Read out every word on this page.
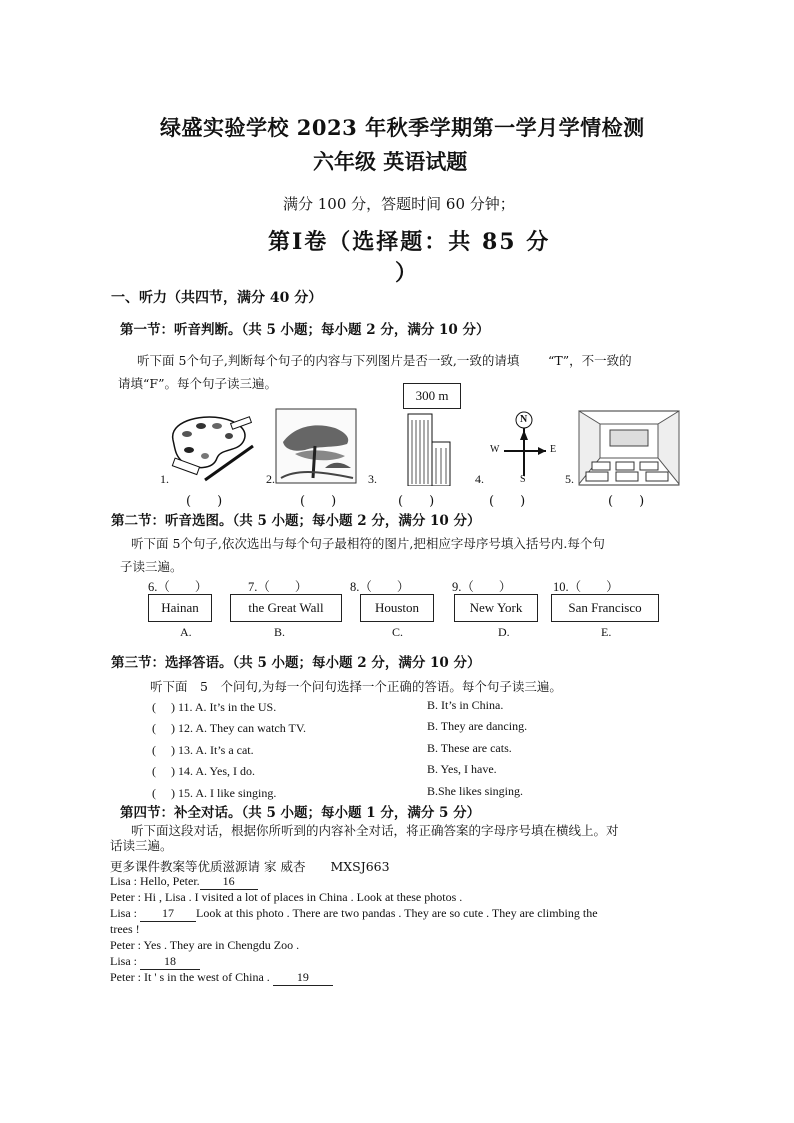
绿盛实验学校 2023 年秋季学期第一学月学情检测
六年级 英语试题
满分 100 分，答题时间 60 分钟；
第Ⅰ卷（选择题：共 85 分
）
一、听力（共四节，满分 40 分）
第一节：听音判断。（共 5 小题；每小题 2 分，满分 10 分）
听下面 5个句子,判断每个句子的内容与下列图片是否一致,一致的请填 “T”，不一致的
请填“F”。每个句子读三遍。
1.	2.
300 m
3.
N
W	E
S
4.	5.
(　　)	(　　)	(　　)	(　　)	(　　)
第二节：听音选图。（共 5 小题；每小题 2 分，满分 10 分）
听下面 5个句子,依次选出与每个句子最相符的图片,把相应字母序号填入括号内.每个句
子读三遍。
6.（　　）	7.（　　）	8.（　　）	9.（　　）	10.（　　）
Hainan	the Great Wall	Houston	New York	San Francisco
A.	B.	C.	D.	E.
第三节：选择答语。（共 5 小题；每小题 2 分，满分 10 分）
听下面　5　个问句,为每一个问句选择一个正确的答语。每个句子读三遍。
(　 ) 11. A. It’s in the US.	B. It’s in China.
(　 ) 12. A. They can watch TV.	B. They are dancing.
(　 ) 13. A. It’s a cat.	B. These are cats.
(　 ) 14. A. Yes, I do.	B. Yes, I have.
(　 ) 15. A. I like singing.	B.She likes singing.
第四节：补全对话。（共 5 小题；每小题 1 分，满分 5 分）
听下面这段对话，根据你所听到的内容补全对话，将正确答案的字母序号填在横线上。对
话读三遍。
更多课件教案等优质滋源请 家 威杏　　MXSJ663
Lisa : Hello, Peter. 16
Peter : Hi , Lisa . I visited a lot of places in China . Look at these photos .
Lisa : 17 Look at this photo . There are two pandas . They are so cute . They are climbing the
trees !
Peter : Yes . They are in Chengdu Zoo .
Lisa : 18
Peter : It ' s in the west of China . 19
